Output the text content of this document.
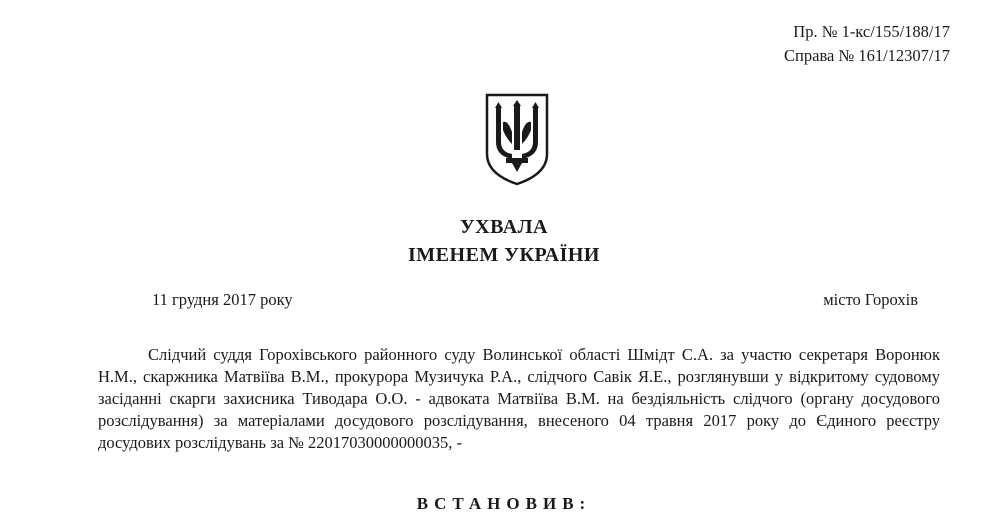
Пр. № 1-кс/155/188/17
Справа № 161/12307/17
УХВАЛА
ІМЕНЕМ УКРАЇНИ
11 грудня 2017 року	місто Горохів
Слідчий суддя Горохівського районного суду Волинської області Шмідт С.А. за участю секретаря Воронюк Н.М., скаржника Матвіїва В.М., прокурора Музичука Р.А., слідчого Савік Я.Е., розглянувши у відкритому судовому засіданні скарги захисника Тиводара О.О. - адвоката Матвіїва В.М. на бездіяльність слідчого (органу досудового розслідування) за матеріалами досудового розслідування, внесеного 04 травня 2017 року до Єдиного реєстру досудових розслідувань за № 22017030000000035, -
ВСТАНОВИВ:
